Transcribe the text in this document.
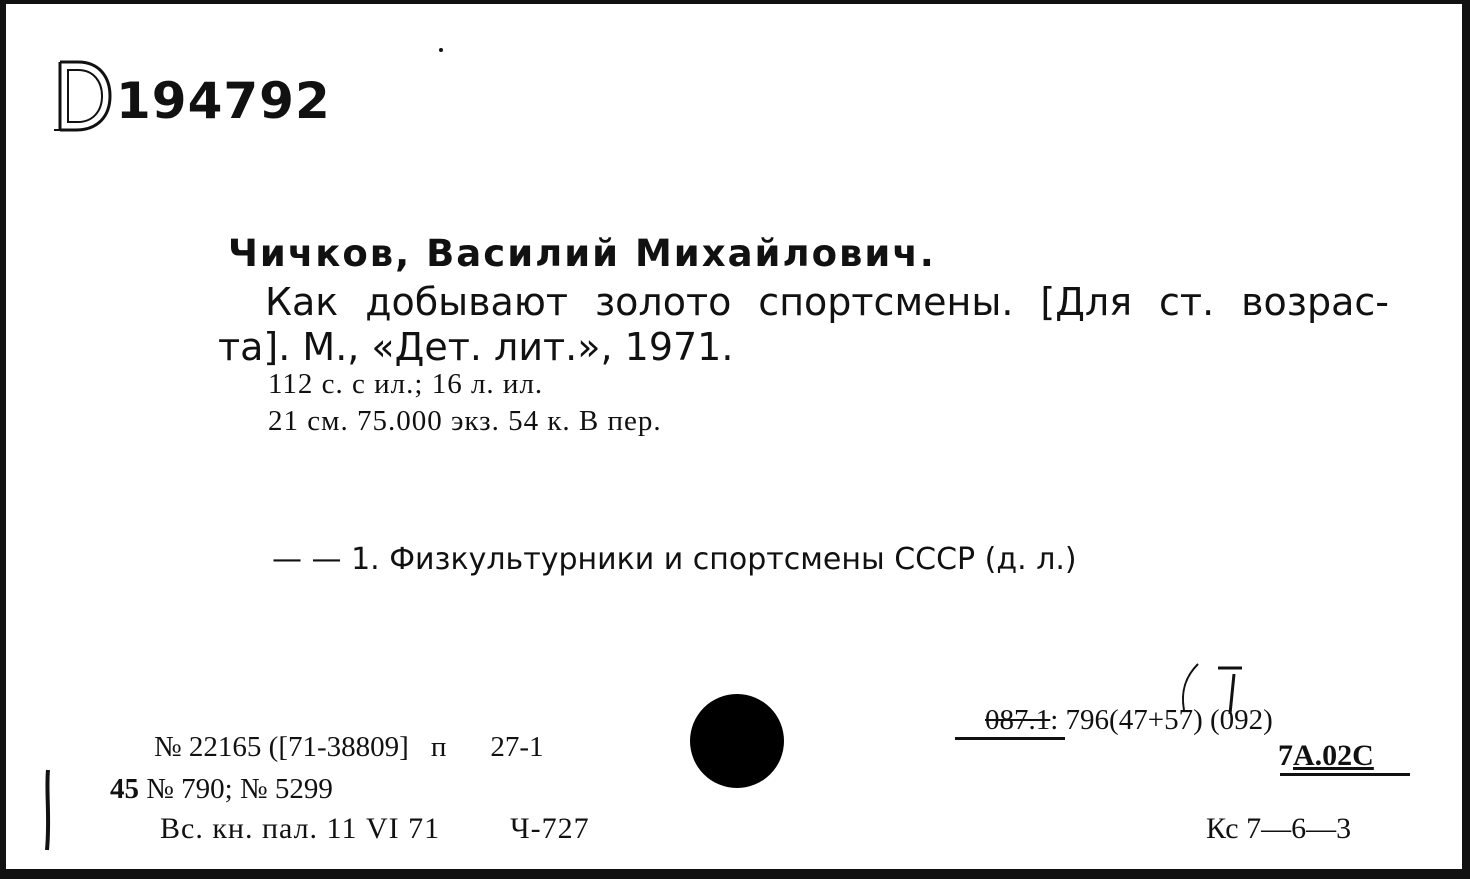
194792
Чичков, Василий Михайлович.
Как добывают золото спортсмены. [Для ст. возрас-
та]. М., «Дет. лит.», 1971.
112 с. с ил.; 16 л. ил.
21 см. 75.000 экз. 54 к. В пер.
— — 1. Физкультурники и спортсмены СССР (д. л.)
№ 22165 ([71-38809] п 27-1
45 № 790; № 5299
Вс. кн. пал. 11 VI 71 Ч-727
087.1: 796(47+57) (092)
7А.02С
Кс 7—6—3
